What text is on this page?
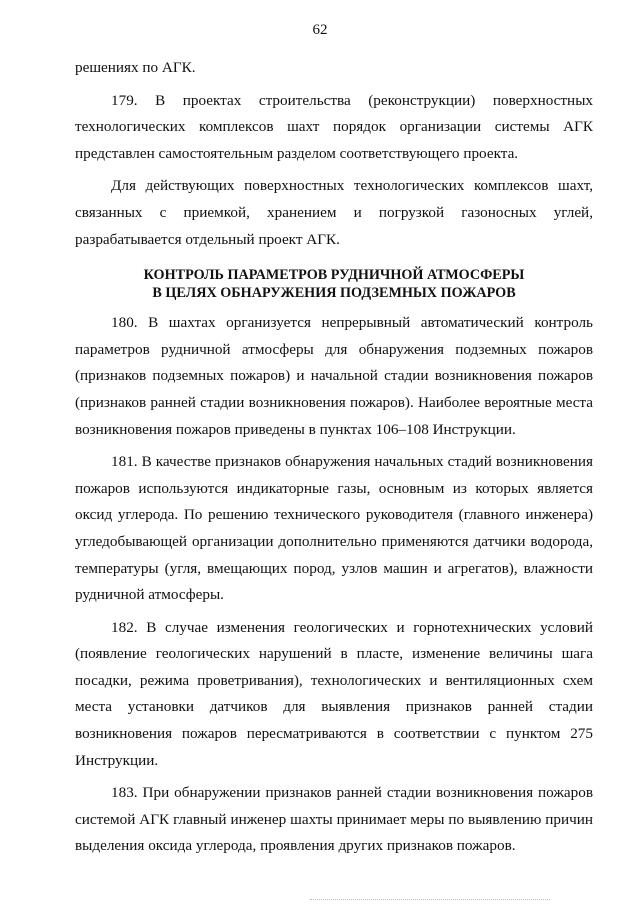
62

решениях по АГК.

179. В проектах строительства (реконструкции) поверхностных технологических комплексов шахт порядок организации системы АГК представлен самостоятельным разделом соответствующего проекта.

Для действующих поверхностных технологических комплексов шахт, связанных с приемкой, хранением и погрузкой газоносных углей, разрабатывается отдельный проект АГК.

КОНТРОЛЬ ПАРАМЕТРОВ РУДНИЧНОЙ АТМОСФЕРЫ
В ЦЕЛЯХ ОБНАРУЖЕНИЯ ПОДЗЕМНЫХ ПОЖАРОВ

180. В шахтах организуется непрерывный автоматический контроль параметров рудничной атмосферы для обнаружения подземных пожаров (признаков подземных пожаров) и начальной стадии возникновения пожаров (признаков ранней стадии возникновения пожаров). Наиболее вероятные места возникновения пожаров приведены в пунктах 106–108 Инструкции.

181. В качестве признаков обнаружения начальных стадий возникновения пожаров используются индикаторные газы, основным из которых является оксид углерода. По решению технического руководителя (главного инженера) угледобывающей организации дополнительно применяются датчики водорода, температуры (угля, вмещающих пород, узлов машин и агрегатов), влажности рудничной атмосферы.

182. В случае изменения геологических и горнотехнических условий (появление геологических нарушений в пласте, изменение величины шага посадки, режима проветривания), технологических и вентиляционных схем места установки датчиков для выявления признаков ранней стадии возникновения пожаров пересматриваются в соответствии с пунктом 275 Инструкции.

183. При обнаружении признаков ранней стадии возникновения пожаров системой АГК главный инженер шахты принимает меры по выявлению причин выделения оксида углерода, проявления других признаков пожаров.
